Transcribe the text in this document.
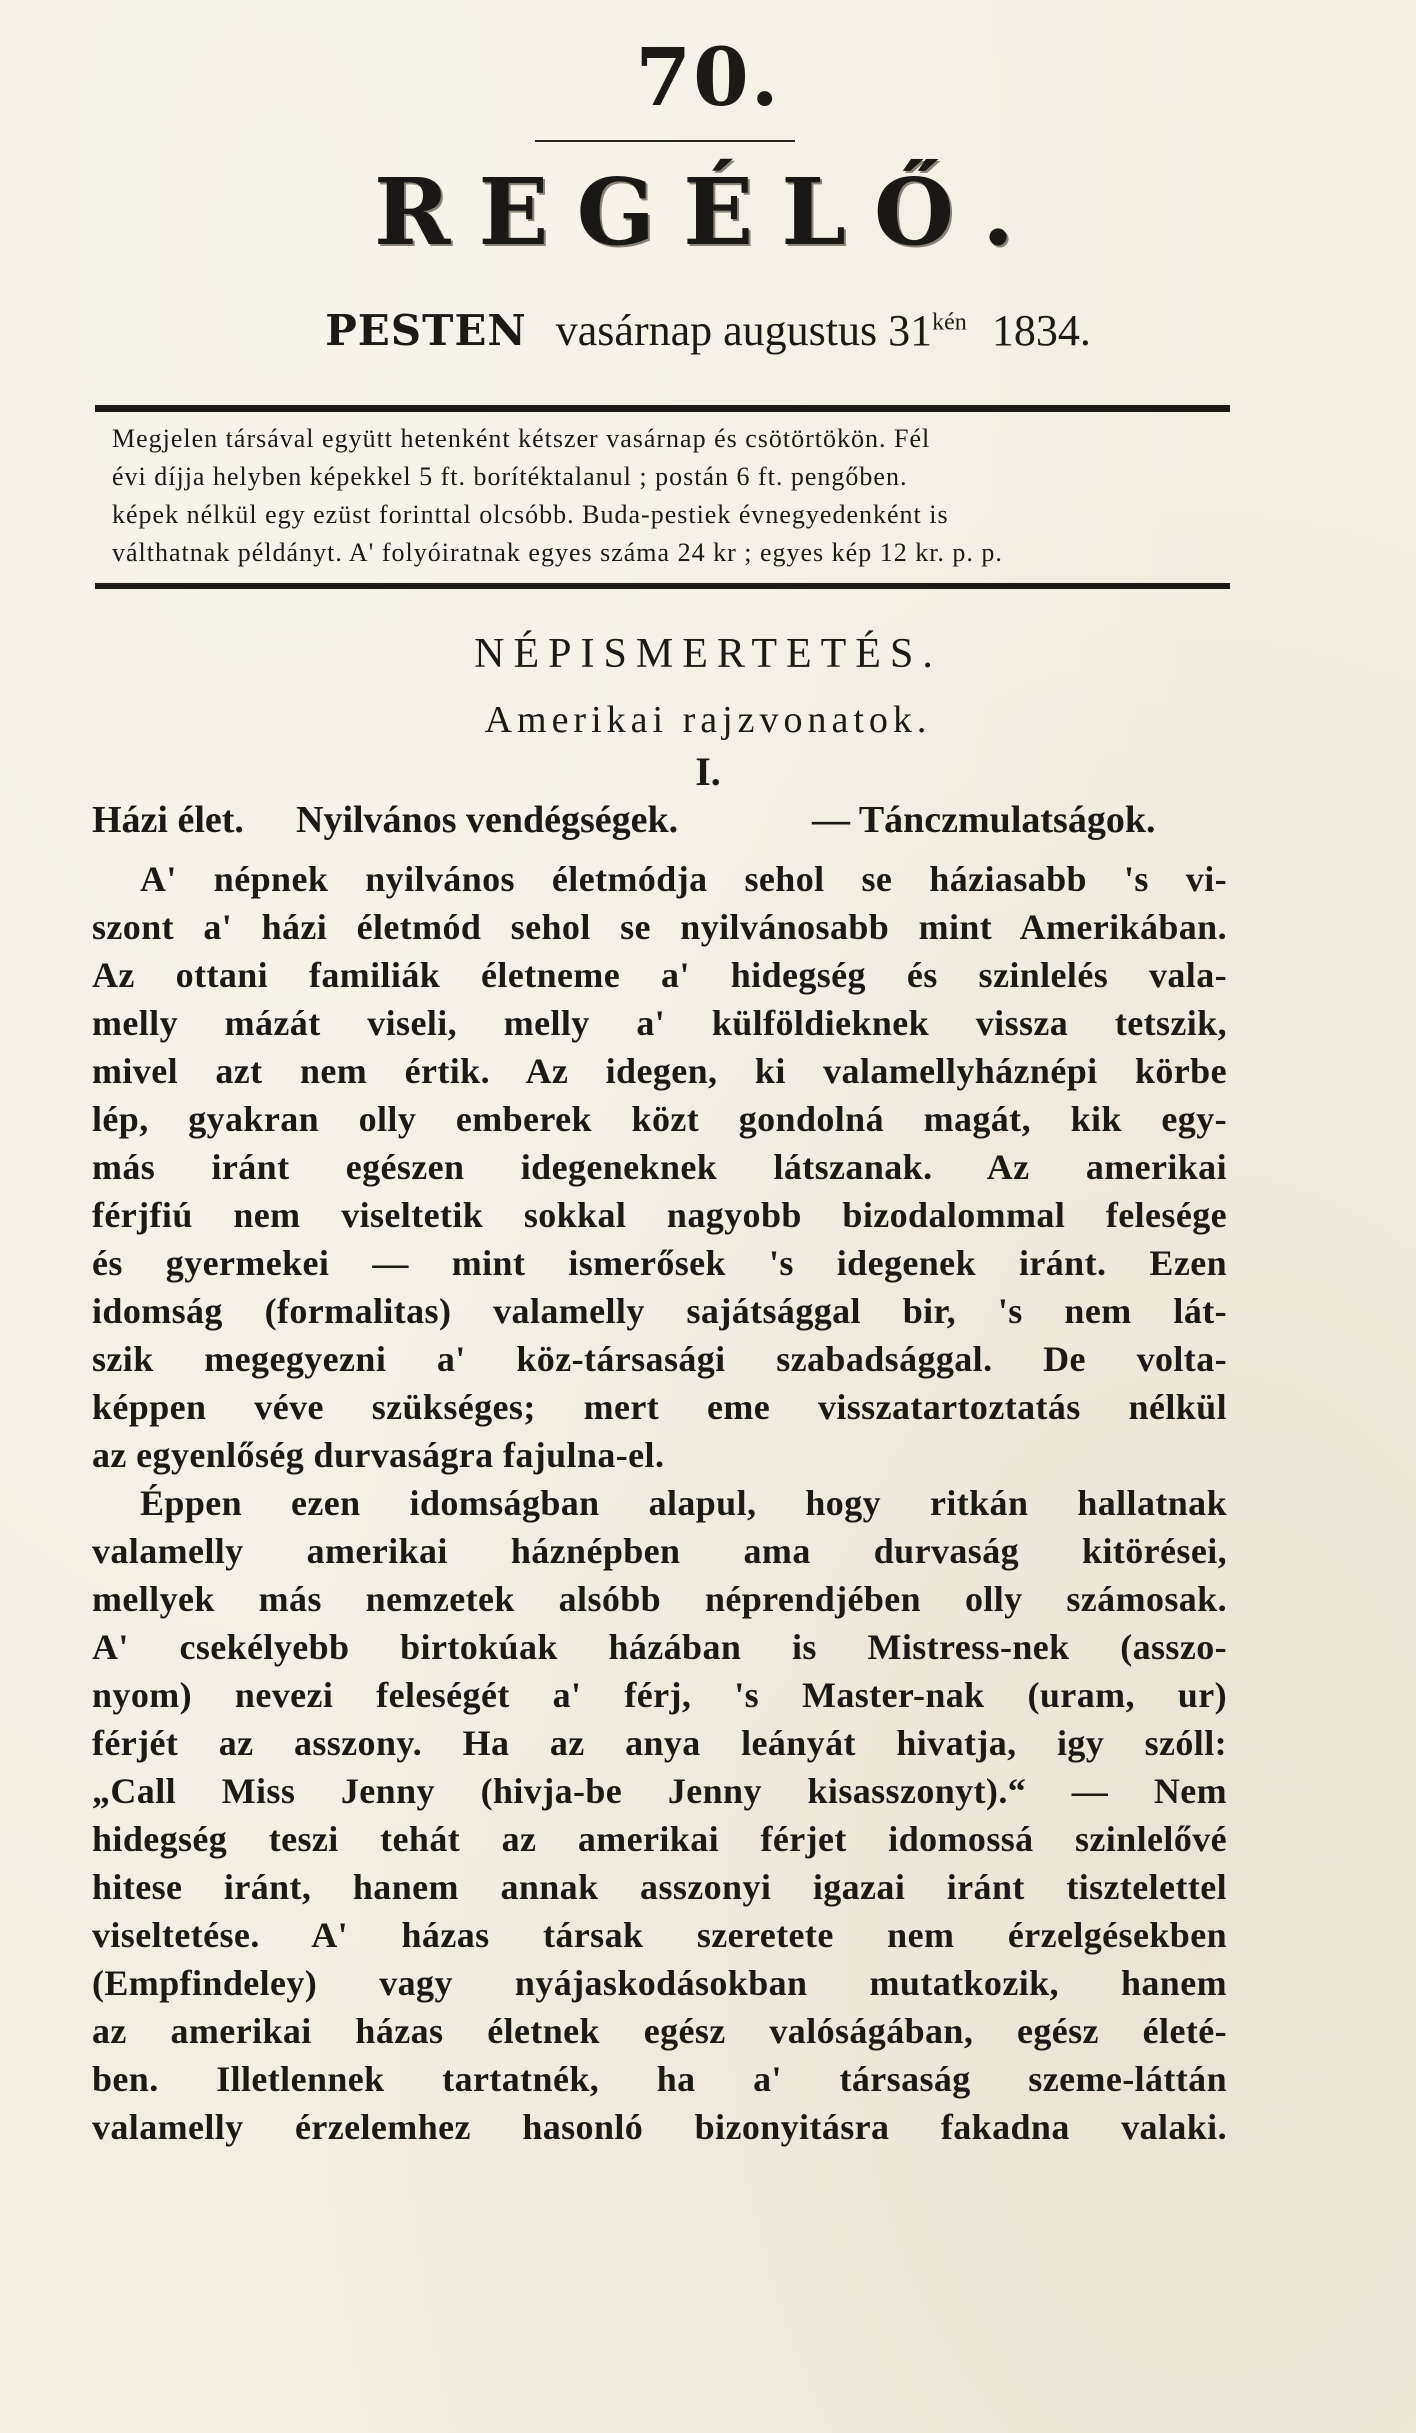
70.
REGÉLŐ.
PESTEN vasárnap augustus $31^{kén}$ 1834.
Megjelen társával együtt hetenként kétszer vasárnap és csötörtökön. Fél
évi díjja helyben képekkel 5 ft. borítéktalanul ; postán 6 ft. pengőben.
képek nélkül egy ezüst forinttal olcsóbb. Buda-pestiek évnegyedenként is
válthatnak példányt. A' folyóiratnak egyes száma 24 kr ; egyes kép 12 kr. p. p.
NÉPISMERTETÉS.
Amerikai rajzvonatok.
I.
Házi élet. Nyilvános vendégségek.	— Tánczmulatságok.
A' népnek nyilvános életmódja sehol se háziasabb 's vi-
szont a' házi életmód sehol se nyilvánosabb mint Amerikában.
Az ottani familiák életneme a' hidegség és szinlelés vala-
melly mázát viseli, melly a' külföldieknek vissza tetszik,
mivel azt nem értik. Az idegen, ki valamellyháznépi körbe
lép, gyakran olly emberek közt gondolná magát, kik egy-
más iránt egészen idegeneknek látszanak. Az amerikai
férjfiú nem viseltetik sokkal nagyobb bizodalommal felesége
és gyermekei — mint ismerősek 's idegenek iránt. Ezen
idomság (formalitas) valamelly sajátsággal bir, 's nem lát-
szik megegyezni a' köz-társasági szabadsággal. De volta-
képpen véve szükséges; mert eme visszatartoztatás nélkül
az egyenlőség durvaságra fajulna-el.
Éppen ezen idomságban alapul, hogy ritkán hallatnak
valamelly amerikai háznépben ama durvaság kitörései,
mellyek más nemzetek alsóbb néprendjében olly számosak.
A' csekélyebb birtokúak házában is Mistress-nek (asszo-
nyom) nevezi feleségét a' férj, 's Master-nak (uram, ur)
férjét az asszony. Ha az anya leányát hivatja, igy szóll:
„Call Miss Jenny (hivja-be Jenny kisasszonyt).“ — Nem
hidegség teszi tehát az amerikai férjet idomossá szinlelővé
hitese iránt, hanem annak asszonyi igazai iránt tisztelettel
viseltetése. A' házas társak szeretete nem érzelgésekben
(Empfindeley) vagy nyájaskodásokban mutatkozik, hanem
az amerikai házas életnek egész valóságában, egész életé-
ben. Illetlennek tartatnék, ha a' társaság szeme-láttán
valamelly érzelemhez hasonló bizonyitásra fakadna valaki.
